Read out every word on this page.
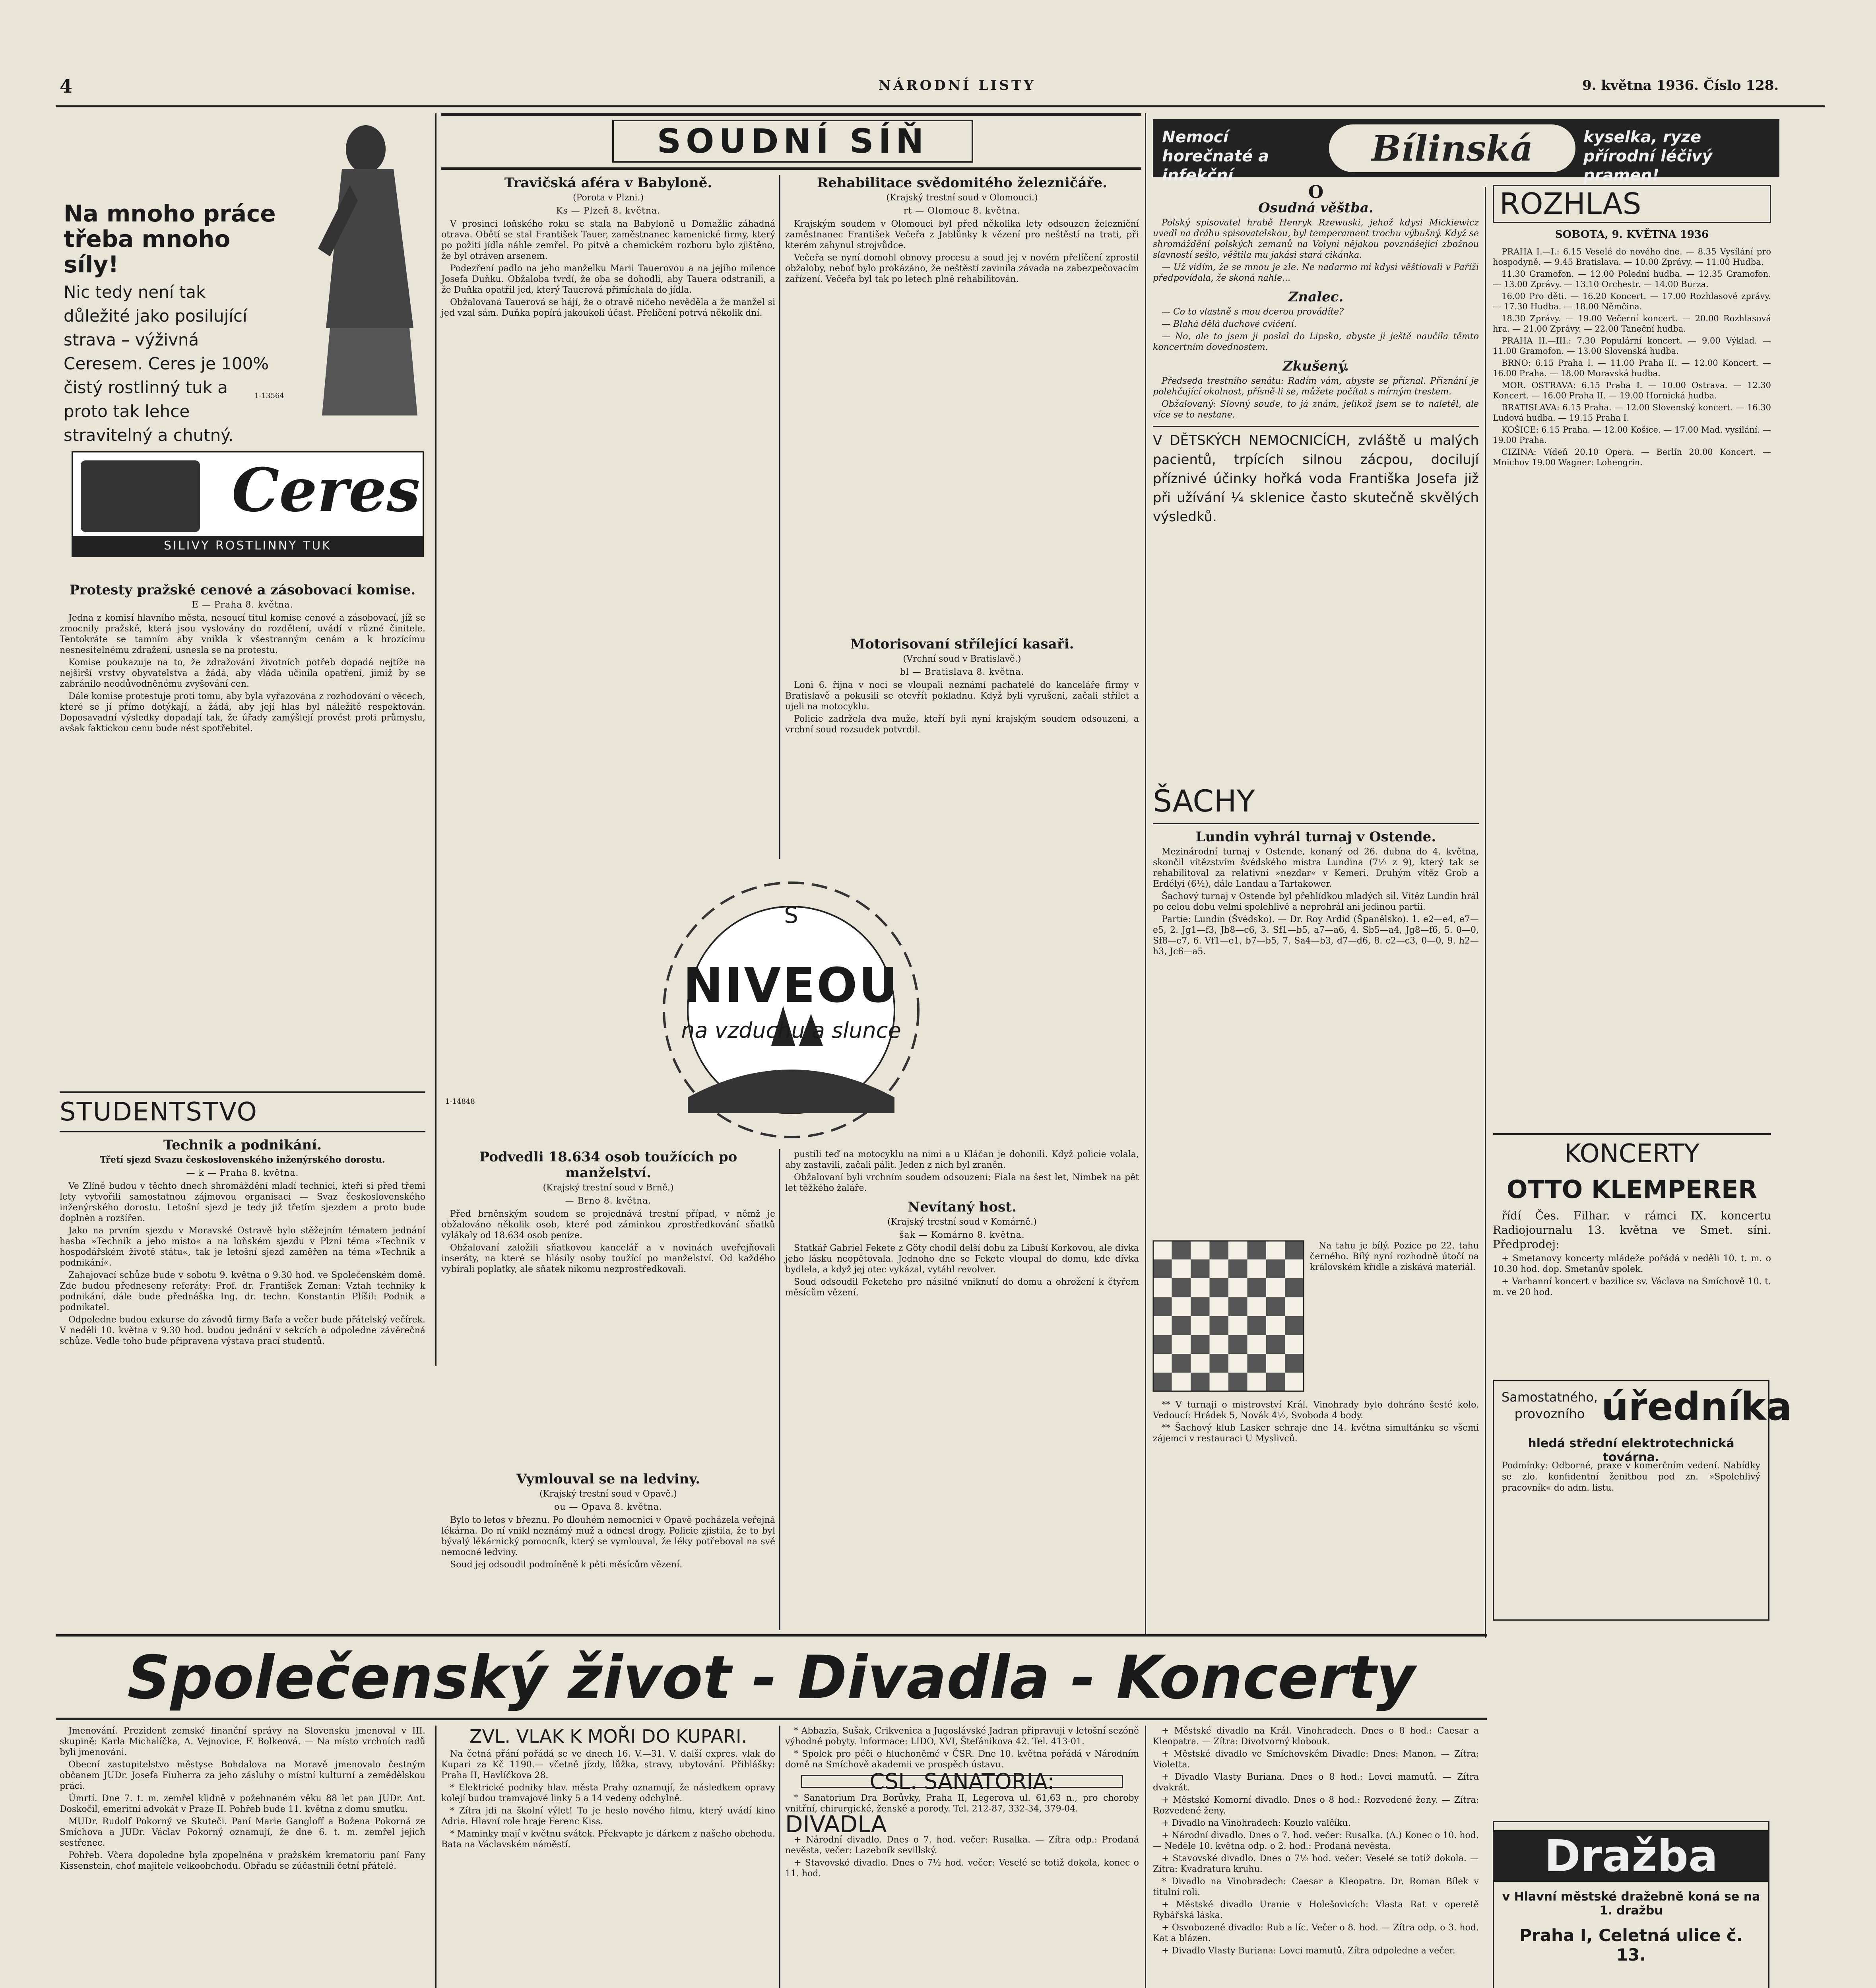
4	NÁRODNÍ LISTY	9. května 1936. Číslo 128.
Na mnoho práce třeba mnoho síly!
Nic tedy není tak důležité jako posilující strava – výživná Ceresem. Ceres je 100% čistý rostlinný tuk a proto tak lehce stravitelný a chutný.
1-13564
Ceres
SILIVY ROSTLINNY TUK
Protesty pražské cenové a zásobovací komise.
E — Praha 8. května.

Jedna z komisí hlavního města, nesoucí titul komise cenové a zásobovací, jíž se zmocnily pražské, která jsou vyslovány do rozdělení, uvádí v různé činitele. Tentokráte se tamním aby vnikla k všestranným cenám a k hrozícímu nesnesitelnému zdražení, usnesla se na protestu.

Komise poukazuje na to, že zdražování životních potřeb dopadá nejtíže na nejširší vrstvy obyvatelstva a žádá, aby vláda učinila opatření, jimiž by se zabránilo neodůvodněnému zvyšování cen.

Dále komise protestuje proti tomu, aby byla vyřazována z rozhodování o věcech, které se jí přímo dotýkají, a žádá, aby její hlas byl náležitě respektován. Doposavadní výsledky dopadají tak, že úřady zamýšlejí provést proti průmyslu, avšak faktickou cenu bude nést spotřebitel.

STUDENTSTVO
Technik a podnikání.
Třetí sjezd Svazu československého inženýrského dorostu.
— k — Praha 8. května.

Ve Zlíně budou v těchto dnech shromáždění mladí technici, kteří si před třemi lety vytvořili samostatnou zájmovou organisaci — Svaz československého inženýrského dorostu. Letošní sjezd je tedy již třetím sjezdem a proto bude doplněn a rozšířen.

Jako na prvním sjezdu v Moravské Ostravě bylo stěžejním tématem jednání hasba »Technik a jeho místo« a na loňském sjezdu v Plzni téma »Technik v hospodářském životě státu«, tak je letošní sjezd zaměřen na téma »Technik a podnikání«.

Zahajovací schůze bude v sobotu 9. května o 9.30 hod. ve Společenském domě. Zde budou předneseny referáty: Prof. dr. František Zeman: Vztah techniky k podnikání, dále bude přednáška Ing. dr. techn. Konstantin Plíšil: Podnik a podnikatel.

Odpoledne budou exkurse do závodů firmy Baťa a večer bude přátelský večírek. V neděli 10. května v 9.30 hod. budou jednání v sekcích a odpoledne závěrečná schůze. Vedle toho bude připravena výstava prací studentů.

SOUDNÍ SÍŇ
Travičská aféra v Babyloně.
(Porota v Plzni.)
Ks — Plzeň 8. května.

V prosinci loňského roku se stala na Babyloně u Domažlic záhadná otrava. Obětí se stal František Tauer, zaměstnanec kamenické firmy, který po požití jídla náhle zemřel. Po pitvě a chemickém rozboru bylo zjištěno, že byl otráven arsenem.

Podezření padlo na jeho manželku Marii Tauerovou a na jejího milence Josefa Duňku. Obžaloba tvrdí, že oba se dohodli, aby Tauera odstranili, a že Duňka opatřil jed, který Tauerová přimíchala do jídla.

Obžalovaná Tauerová se hájí, že o otravě ničeho nevěděla a že manžel si jed vzal sám. Duňka popírá jakoukoli účast. Přelíčení potrvá několik dní.

Rehabilitace svědomitého železničáře.
(Krajský trestní soud v Olomouci.)
rt — Olomouc 8. května.

Krajským soudem v Olomouci byl před několika lety odsouzen železniční zaměstnanec František Večeřa z Jablůnky k vězení pro neštěstí na trati, při kterém zahynul strojvůdce.

Večeřa se nyní domohl obnovy procesu a soud jej v novém přelíčení zprostil obžaloby, neboť bylo prokázáno, že neštěstí zavinila závada na zabezpečovacím zařízení. Večeřa byl tak po letech plně rehabilitován.

Motorisovaní střílející kasaři.
(Vrchní soud v Bratislavě.)
bl — Bratislava 8. května.

Loni 6. října v noci se vloupali neznámí pachatelé do kanceláře firmy v Bratislavě a pokusili se otevřít pokladnu. Když byli vyrušeni, začali střílet a ujeli na motocyklu.

Policie zadržela dva muže, kteří byli nyní krajským soudem odsouzeni, a vrchní soud rozsudek potvrdil.

S
NIVEOU
na vzduchu a slunce
1-14848
Podvedli 18.634 osob toužících po manželství.
(Krajský trestní soud v Brně.)
— Brno 8. května.

Před brněnským soudem se projednává trestní případ, v němž je obžalováno několik osob, které pod záminkou zprostředkování sňatků vylákaly od 18.634 osob peníze.

Obžalovaní založili sňatkovou kancelář a v novinách uveřejňovali inseráty, na které se hlásily osoby toužící po manželství. Od každého vybírali poplatky, ale sňatek nikomu nezprostředkovali.

Vymlouval se na ledviny.
(Krajský trestní soud v Opavě.)
ou — Opava 8. května.

Bylo to letos v březnu. Po dlouhém nemocnici v Opavě pocházela veřejná lékárna. Do ní vnikl neznámý muž a odnesl drogy. Policie zjistila, že to byl bývalý lékárnický pomocník, který se vymlouval, že léky potřeboval na své nemocné ledviny.

Soud jej odsoudil podmíněně k pěti měsícům vězení.

pustili teď na motocyklu na nimi a u Kláčan je dohonili. Když policie volala, aby zastavili, začali pálit. Jeden z nich byl zraněn.

Obžalovaní byli vrchním soudem odsouzeni: Fiala na šest let, Nimbek na pět let těžkého žaláře.

Nevítaný host.
(Krajský trestní soud v Komárně.)
šak — Komárno 8. května.

Statkář Gabriel Fekete z Göty chodil delší dobu za Libuší Korkovou, ale dívka jeho lásku neopětovala. Jednoho dne se Fekete vloupal do domu, kde dívka bydlela, a když jej otec vykázal, vytáhl revolver.

Soud odsoudil Feketeho pro násilné vniknutí do domu a ohrožení k čtyřem měsícům vězení.

Nemocí horečnaté a infekční
Bílinská	kyselka, ryze přírodní léčivý pramen!
O
Osudná věštba.

Polský spisovatel hrabě Henryk Rzewuski, jehož kdysi Mickiewicz uvedl na dráhu spisovatelskou, byl temperament trochu výbušný. Když se shromáždění polských zemanů na Volyni nějakou povznášející zbožnou slavností sešlo, věštila mu jakási stará cikánka.

— Už vidím, že se mnou je zle. Ne nadarmo mi kdysi věštíovali v Paříži předpovídala, že skoná nahle...

Znalec.

— Co to vlastně s mou dcerou provádíte?

— Blahá dělá duchové cvičení.

— No, ale to jsem ji poslal do Lipska, abyste ji ještě naučila těmto koncertním dovednostem.

Zkušený.

Předseda trestního senátu: Radím vám, abyste se přiznal. Přiznání je polehčující okolnost, přísně-li se, můžete počítat s mírným trestem.

Obžalovaný: Slovný soude, to já znám, jelikož jsem se to naletěl, ale více se to nestane.

V DĚTSKÝCH NEMOCNICÍCH, zvláště u malých pacientů, trpících silnou zácpou, docilují příznivé účinky hořká voda Františka Josefa již při užívání ¼ sklenice často skutečně skvělých výsledků.
ŠACHY
Lundin vyhrál turnaj v Ostende.

Mezinárodní turnaj v Ostende, konaný od 26. dubna do 4. května, skončil vítězstvím švédského mistra Lundina (7½ z 9), který tak se rehabilitoval za relativní »nezdar« v Kemeri. Druhým vítěz Grob a Erdélyi (6½), dále Landau a Tartakower.

Šachový turnaj v Ostende byl přehlídkou mladých sil. Vítěz Lundin hrál po celou dobu velmi spolehlivě a neprohrál ani jedinou partii.

Partie: Lundin (Švédsko). — Dr. Roy Ardid (Španělsko). 1. e2—e4, e7—e5, 2. Jg1—f3, Jb8—c6, 3. Sf1—b5, a7—a6, 4. Sb5—a4, Jg8—f6, 5. 0—0, Sf8—e7, 6. Vf1—e1, b7—b5, 7. Sa4—b3, d7—d6, 8. c2—c3, 0—0, 9. h2—h3, Jc6—a5.

Na tahu je bílý. Pozice po 22. tahu černého. Bílý nyní rozhodně útočí na královském křídle a získává materiál.

** V turnaji o mistrovství Král. Vinohrady bylo dohráno šesté kolo. Vedoucí: Hrádek 5, Novák 4½, Svoboda 4 body.

** Šachový klub Lasker sehraje dne 14. května simultánku se všemi zájemci v restauraci U Myslivců.

ROZHLAS
SOBOTA, 9. KVĚTNA 1936

PRAHA I.—I.: 6.15 Veselé do nového dne. — 8.35 Vysílání pro hospodyně. — 9.45 Bratislava. — 10.00 Zprávy. — 11.00 Hudba.

11.30 Gramofon. — 12.00 Polední hudba. — 12.35 Gramofon. — 13.00 Zprávy. — 13.10 Orchestr. — 14.00 Burza.

16.00 Pro děti. — 16.20 Koncert. — 17.00 Rozhlasové zprávy. — 17.30 Hudba. — 18.00 Němčina.

18.30 Zprávy. — 19.00 Večerní koncert. — 20.00 Rozhlasová hra. — 21.00 Zprávy. — 22.00 Taneční hudba.

PRAHA II.—III.: 7.30 Populární koncert. — 9.00 Výklad. — 11.00 Gramofon. — 13.00 Slovenská hudba.

BRNO: 6.15 Praha I. — 11.00 Praha II. — 12.00 Koncert. — 16.00 Praha. — 18.00 Moravská hudba.

MOR. OSTRAVA: 6.15 Praha I. — 10.00 Ostrava. — 12.30 Koncert. — 16.00 Praha II. — 19.00 Hornická hudba.

BRATISLAVA: 6.15 Praha. — 12.00 Slovenský koncert. — 16.30 Ludová hudba. — 19.15 Praha I.

KOŠICE: 6.15 Praha. — 12.00 Košice. — 17.00 Mad. vysílání. — 19.00 Praha.

CIZINA: Vídeň 20.10 Opera. — Berlín 20.00 Koncert. — Mnichov 19.00 Wagner: Lohengrin.

KONCERTY
OTTO KLEMPERER

řídí Čes. Filhar. v rámci IX. koncertu Radiojournalu 13. května ve Smet. síni. Předprodej:

+ Smetanovy koncerty mládeže pořádá v neděli 10. t. m. o 10.30 hod. dop. Smetanův spolek.

+ Varhanní koncert v bazilice sv. Václava na Smíchově 10. t. m. ve 20 hod.

Samostatného, provozního úředníka
hledá střední elektrotechnická továrna.
Podmínky: Odborné, praxe v komerčním vedení. Nabídky se zlo. konfidentní ženitbou pod zn. »Spolehlivý pracovník« do adm. listu.
Dražba
v Hlavní městské dražebně koná se na 1. dražbu
Praha I, Celetná ulice č. 13.
Společenský život - Divadla - Koncerty

Jmenování. Prezident zemské finanční správy na Slovensku jmenoval v III. skupině: Karla Michalíčka, A. Vejnovice, F. Bolkeová. — Na místo vrchních radů byli jmenováni.

Obecní zastupitelstvo městyse Bohdalova na Moravě jmenovalo čestným občanem JUDr. Josefa Fiuherra za jeho zásluhy o místní kulturní a zemědělskou práci.

Úmrtí. Dne 7. t. m. zemřel klidně v požehnaném věku 88 let pan JUDr. Ant. Doskočil, emeritní advokát v Praze II. Pohřeb bude 11. května z domu smutku.

MUDr. Rudolf Pokorný ve Skuteči. Paní Marie Gangloff a Božena Pokorná ze Smíchova a JUDr. Václav Pokorný oznamují, že dne 6. t. m. zemřel jejich sestřenec.

Pohřeb. Včera dopoledne byla zpopelněna v pražském krematoriu paní Fany Kissenstein, choť majitele velkoobchodu. Obřadu se zúčastnili četní přátelé.

ZVL. VLAK K MOŘI DO KUPARI.

Na četná přání pořádá se ve dnech 16. V.—31. V. další expres. vlak do Kupari za Kč 1190.— včetně jízdy, lůžka, stravy, ubytování. Přihlášky: Praha II, Havlíčkova 28.

* Elektrické podniky hlav. města Prahy oznamují, že následkem opravy kolejí budou tramvajové linky 5 a 14 vedeny odchylně.

* Zítra jdi na školní výlet! To je heslo nového filmu, který uvádí kino Adria. Hlavní role hraje Ferenc Kiss.

* Maminky mají v květnu svátek. Překvapte je dárkem z našeho obchodu. Bata na Václavském náměstí.

* Abbazia, Sušak, Crikvenica a Jugoslávské Jadran připravuji v letošní sezóně výhodné pobyty. Informace: LIDO, XVI, Štefánikova 42. Tel. 413-01.

* Spolek pro péči o hluchoněmé v ČSR. Dne 10. května pořádá v Národním domě na Smíchově akademii ve prospěch ústavu.

CSL. SANATORIA:

* Sanatorium Dra Borůvky, Praha II, Legerova ul. 61,63 n., pro choroby vnitřní, chirurgické, ženské a porody. Tel. 212-87, 332-34, 379-04.

DIVADLA

+ Národní divadlo. Dnes o 7. hod. večer: Rusalka. — Zítra odp.: Prodaná nevěsta, večer: Lazebník sevillský.

+ Stavovské divadlo. Dnes o 7½ hod. večer: Veselé se totiž dokola, konec o 11. hod.

+ Městské divadlo na Král. Vinohradech. Dnes o 8 hod.: Caesar a Kleopatra. — Zítra: Divotvorný klobouk.

+ Městské divadlo ve Smíchovském Divadle: Dnes: Manon. — Zítra: Violetta.

+ Divadlo Vlasty Buriana. Dnes o 8 hod.: Lovci mamutů. — Zítra dvakrát.

+ Městské Komorní divadlo. Dnes o 8 hod.: Rozvedené ženy. — Zítra: Rozvedené ženy.

+ Divadlo na Vinohradech: Kouzlo valčíku.

+ Národní divadlo. Dnes o 7. hod. večer: Rusalka. (A.) Konec o 10. hod. — Neděle 10. května odp. o 2. hod.: Prodaná nevěsta.

+ Stavovské divadlo. Dnes o 7½ hod. večer: Veselé se totiž dokola. — Zítra: Kvadratura kruhu.

* Divadlo na Vinohradech: Caesar a Kleopatra. Dr. Roman Bílek v titulní roli.

+ Městské divadlo Uranie v Holešovicích: Vlasta Rat v operetě Rybářská láska.

+ Osvobozené divadlo: Rub a líc. Večer o 8. hod. — Zítra odp. o 3. hod. Kat a blázen.

+ Divadlo Vlasty Buriana: Lovci mamutů. Zítra odpoledne a večer.
